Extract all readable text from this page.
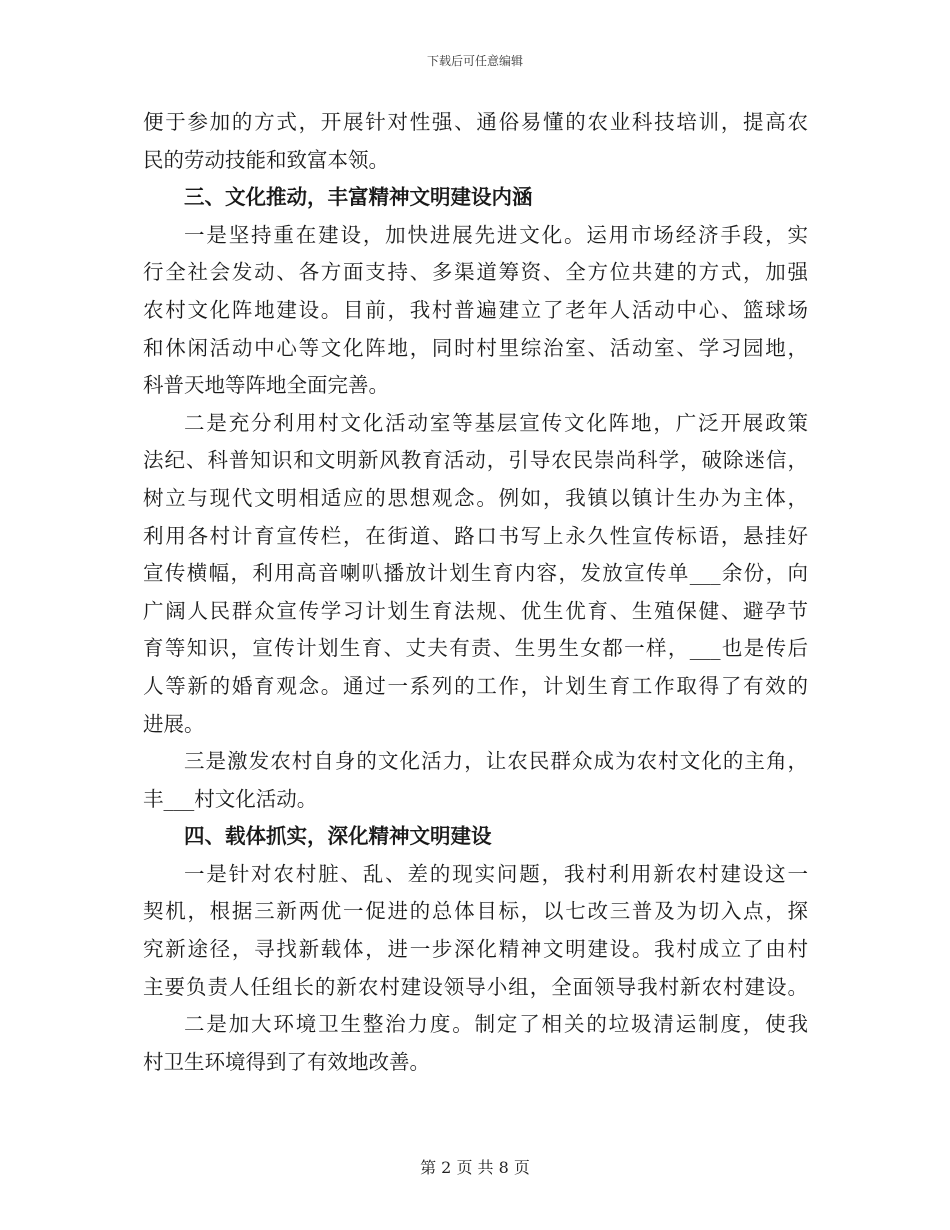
下载后可任意编辑
便于参加的方式，开展针对性强、通俗易懂的农业科技培训，提高农
民的劳动技能和致富本领。
三、文化推动，丰富精神文明建设内涵
一是坚持重在建设，加快进展先进文化。运用市场经济手段，实
行全社会发动、各方面支持、多渠道筹资、全方位共建的方式，加强
农村文化阵地建设。目前，我村普遍建立了老年人活动中心、篮球场
和休闲活动中心等文化阵地，同时村里综治室、活动室、学习园地，
科普天地等阵地全面完善。
二是充分利用村文化活动室等基层宣传文化阵地，广泛开展政策
法纪、科普知识和文明新风教育活动，引导农民崇尚科学，破除迷信，
树立与现代文明相适应的思想观念。例如，我镇以镇计生办为主体，
利用各村计育宣传栏，在街道、路口书写上永久性宣传标语，悬挂好
宣传横幅，利用高音喇叭播放计划生育内容，发放宣传单___余份，向
广阔人民群众宣传学习计划生育法规、优生优育、生殖保健、避孕节
育等知识，宣传计划生育、丈夫有责、生男生女都一样，___也是传后
人等新的婚育观念。通过一系列的工作，计划生育工作取得了有效的
进展。
三是激发农村自身的文化活力，让农民群众成为农村文化的主角，
丰___村文化活动。
四、载体抓实，深化精神文明建设
一是针对农村脏、乱、差的现实问题，我村利用新农村建设这一
契机，根据三新两优一促进的总体目标，以七改三普及为切入点，探
究新途径，寻找新载体，进一步深化精神文明建设。我村成立了由村
主要负责人任组长的新农村建设领导小组，全面领导我村新农村建设。
二是加大环境卫生整治力度。制定了相关的垃圾清运制度，使我
村卫生环境得到了有效地改善。
第 2 页 共 8 页
